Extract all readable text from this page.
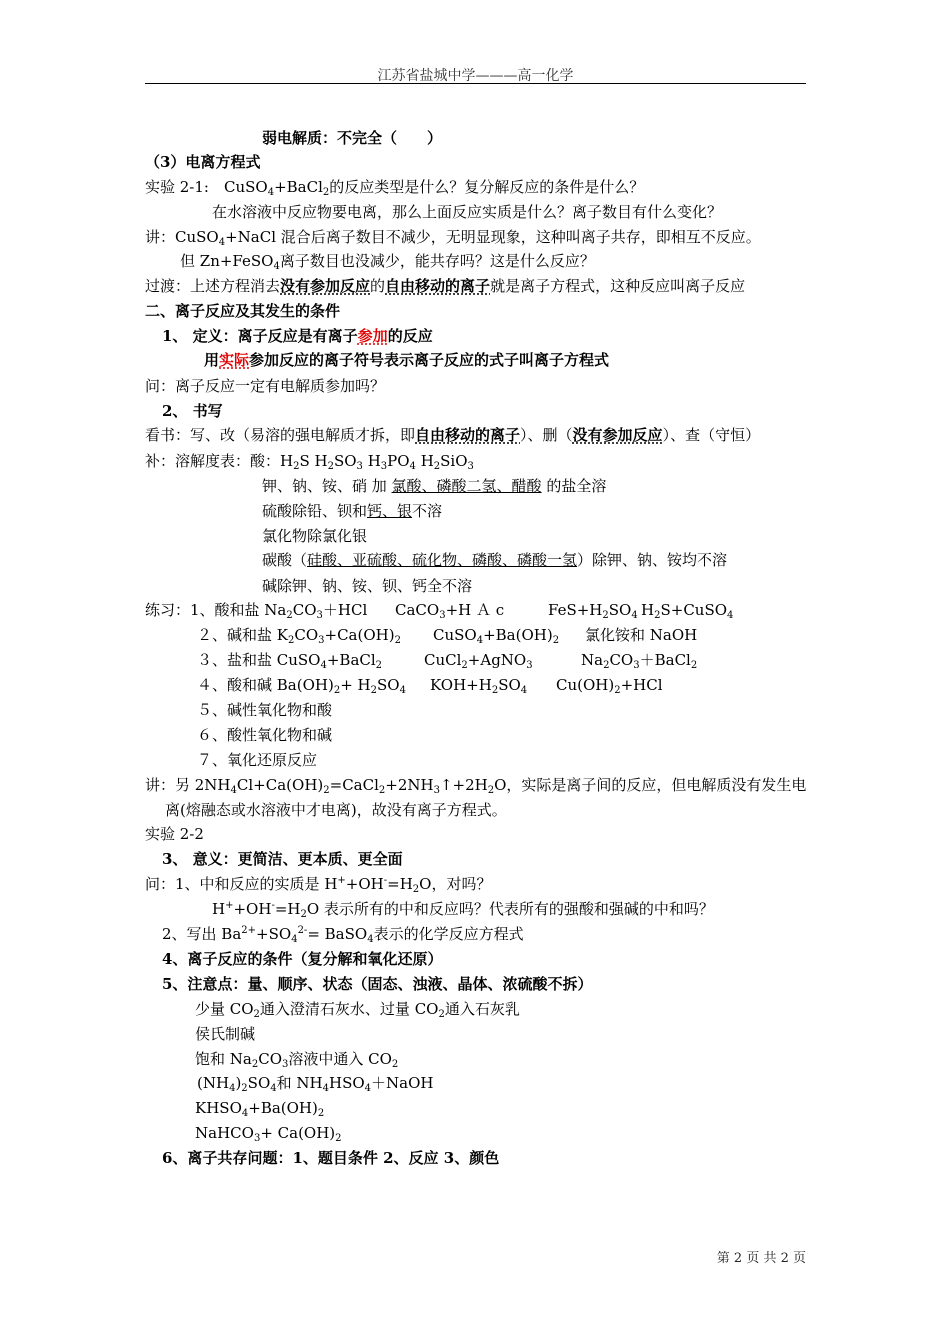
江苏省盐城中学———高一化学
弱电解质：不完全（　　）
（3）电离方程式
实验 2-1:　CuSO$_4$+BaCl$_2$的反应类型是什么？复分解反应的条件是什么？
在水溶液中反应物要电离，那么上面反应实质是什么？离子数目有什么变化？
讲：CuSO$_4$+NaCl 混合后离子数目不减少，无明显现象，这种叫离子共存，即相互不反应。
但 Zn+FeSO$_4$离子数目也没减少，能共存吗？这是什么反应？
过渡：上述方程消去没有参加反应的自由移动的离子就是离子方程式，这种反应叫离子反应
二、离子反应及其发生的条件
1、 定义：离子反应是有离子参加的反应
用实际参加反应的离子符号表示离子反应的式子叫离子方程式
问：离子反应一定有电解质参加吗？
2、 书写
看书：写、改（易溶的强电解质才拆，即自由移动的离子）、删（没有参加反应）、查（守恒）
补：溶解度表：酸：$H_2S$ $H_2SO_3$ $H_3PO_4$ $H_2SiO_3$
钾、钠、铵、硝 加 氯酸、磷酸二氢、醋酸 的盐全溶
硫酸除铅、钡和钙、银不溶
氯化物除氯化银
碳酸（硅酸、亚硫酸、硫化物、磷酸、磷酸一氢）除钾、钠、铵均不溶
碱除钾、钠、铵、钡、钙全不溶
练习：1、酸和盐 $Na_2CO_3+HCl$ CaCO$_3$+H Ａ c	$FeS+H_2SO_4$ $H_2S+CuSO_4$
２、碱和盐 $K_2CO_3+Ca(OH)_2$ $CuSO_4+Ba(OH)_2$ 氯化铵和 NaOH
３、盐和盐 CuSO$_4$+BaCl$_2$	CuCl$_2$+AgNO$_3$	$Na_2CO_3+BaCl_2$
４、酸和碱 $Ba(OH)_2+ H_2SO_4$ $KOH+H_2SO_4$ $Cu(OH)_2+HCl$
５、碱性氧化物和酸
６、酸性氧化物和碱
７、氧化还原反应
讲：另 $2NH_4Cl+Ca(OH)_2=CaCl_2+2NH_3↑+2H_2O$，实际是离子间的反应，但电解质没有发生电
离(熔融态或水溶液中才电离)，故没有离子方程式。
实验 2-2
3、 意义：更简洁、更本质、更全面
问：1、中和反应的实质是 $H^++OH^-=H_2O$，对吗？
$H^++OH^-=H_2O$ 表示所有的中和反应吗？代表所有的强酸和强碱的中和吗？
2、写出 $Ba^{2+}+SO_4^{2-}=$ BaSO$_4$表示的化学反应方程式
4、离子反应的条件（复分解和氧化还原）
5、注意点：量、顺序、状态（固态、浊液、晶体、浓硫酸不拆）
少量 $CO_2$通入澄清石灰水、过量 $CO_2$通入石灰乳
侯氏制碱
饱和 $Na_2CO_3$溶液中通入 $CO_2$
$(NH_4)_2SO_4$和 $NH_4HSO_4+NaOH$
$KHSO_4+Ba(OH)_2$
NaHCO$_3$+ $Ca(OH)_2$
6、离子共存问题：1、题目条件 2、反应 3、颜色
第 2 页 共 2 页
